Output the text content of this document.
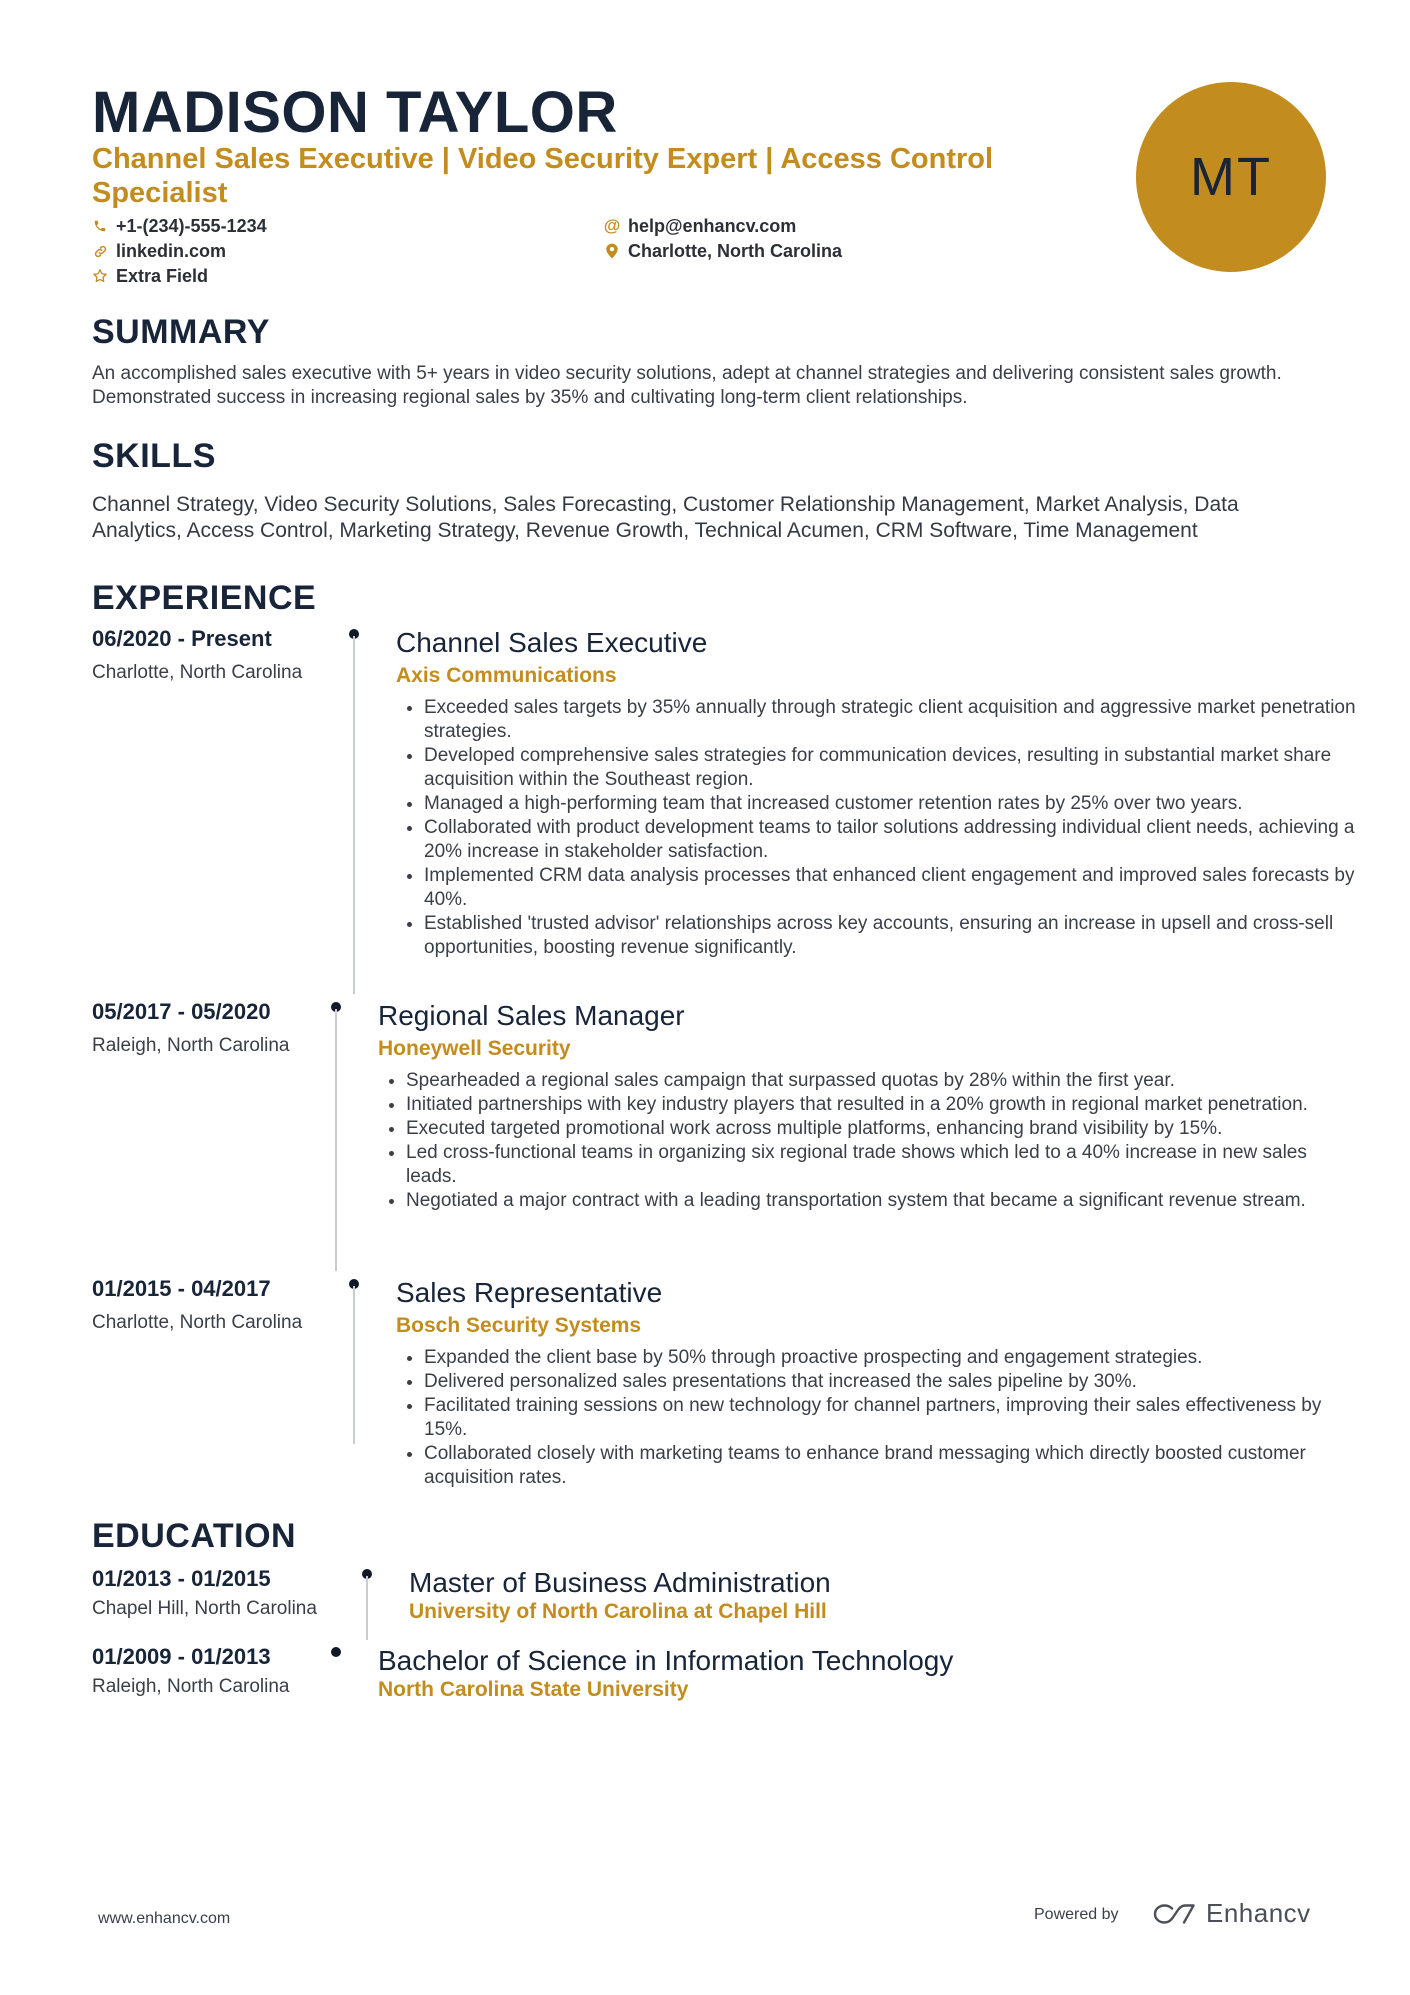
MADISON TAYLOR
Channel Sales Executive | Video Security Expert | Access Control Specialist
+1-(234)-555-1234
linkedin.com
Extra Field
@ help@enhancv.com
Charlotte, North Carolina
MT
SUMMARY

An accomplished sales executive with 5+ years in video security solutions, adept at channel strategies and delivering consistent sales growth. Demonstrated success in increasing regional sales by 35% and cultivating long-term client relationships.

SKILLS

Channel Strategy, Video Security Solutions, Sales Forecasting, Customer Relationship Management, Market Analysis, Data Analytics, Access Control, Marketing Strategy, Revenue Growth, Technical Acumen, CRM Software, Time Management

EXPERIENCE
06/2020 - Present
Charlotte, North Carolina
Channel Sales Executive
Axis Communications
• Exceeded sales targets by 35% annually through strategic client acquisition and aggressive market penetration strategies.
• Developed comprehensive sales strategies for communication devices, resulting in substantial market share acquisition within the Southeast region.
• Managed a high-performing team that increased customer retention rates by 25% over two years.
• Collaborated with product development teams to tailor solutions addressing individual client needs, achieving a 20% increase in stakeholder satisfaction.
• Implemented CRM data analysis processes that enhanced client engagement and improved sales forecasts by 40%.
• Established 'trusted advisor' relationships across key accounts, ensuring an increase in upsell and cross-sell opportunities, boosting revenue significantly.
05/2017 - 05/2020
Raleigh, North Carolina
Regional Sales Manager
Honeywell Security
• Spearheaded a regional sales campaign that surpassed quotas by 28% within the first year.
• Initiated partnerships with key industry players that resulted in a 20% growth in regional market penetration.
• Executed targeted promotional work across multiple platforms, enhancing brand visibility by 15%.
• Led cross-functional teams in organizing six regional trade shows which led to a 40% increase in new sales leads.
• Negotiated a major contract with a leading transportation system that became a significant revenue stream.
01/2015 - 04/2017
Charlotte, North Carolina
Sales Representative
Bosch Security Systems
• Expanded the client base by 50% through proactive prospecting and engagement strategies.
• Delivered personalized sales presentations that increased the sales pipeline by 30%.
• Facilitated training sessions on new technology for channel partners, improving their sales effectiveness by 15%.
• Collaborated closely with marketing teams to enhance brand messaging which directly boosted customer acquisition rates.
EDUCATION
01/2013 - 01/2015
Chapel Hill, North Carolina
Master of Business Administration
University of North Carolina at Chapel Hill
01/2009 - 01/2013
Raleigh, North Carolina
Bachelor of Science in Information Technology
North Carolina State University
www.enhancv.com	Powered by	Enhancv
